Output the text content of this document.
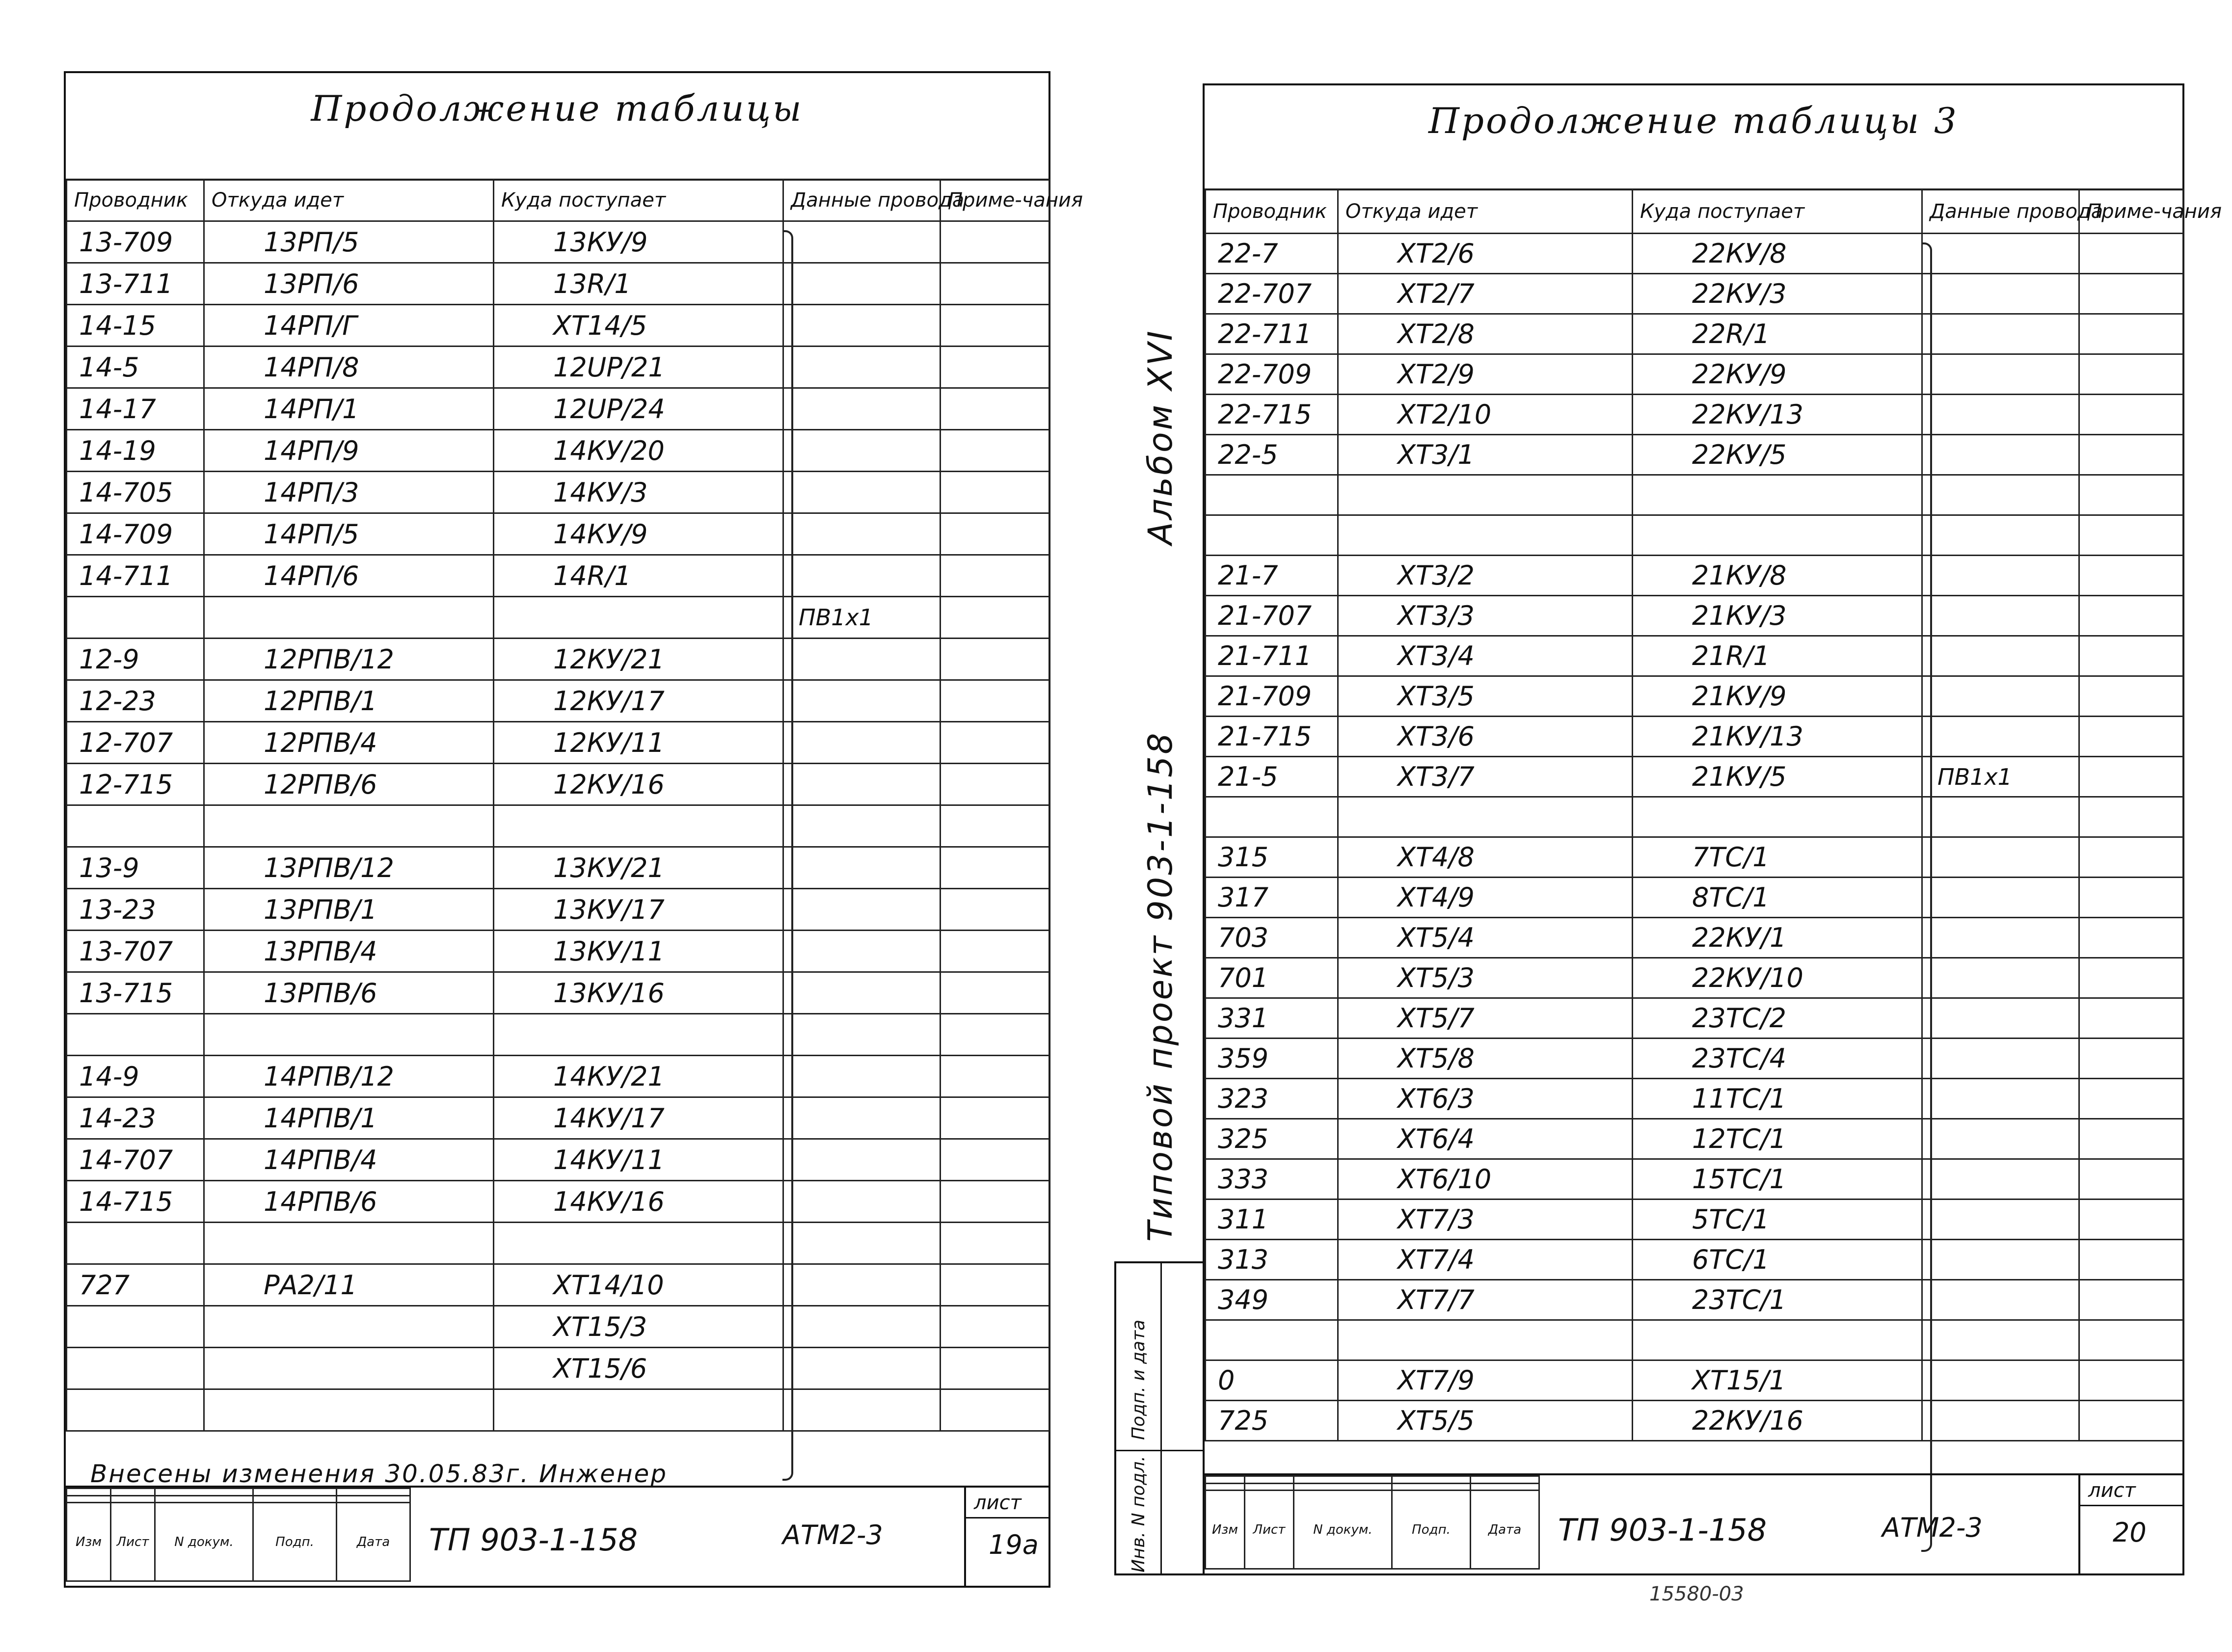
Продолжение таблицы
Проводник	Откуда идет	Куда поступает	Данные провода	Приме-чания
13-709	13РП/5	13КУ/9		
13-711	13РП/6	13R/1		
14-15	14РП/Г	ХТ14/5		
14-5	14РП/8	12UP/21		
14-17	14РП/1	12UP/24		
14-19	14РП/9	14КУ/20		
14-705	14РП/3	14КУ/3		
14-709	14РП/5	14КУ/9		
14-711	14РП/6	14R/1		
			ПВ1х1	
12-9	12РПВ/12	12КУ/21		
12-23	12РПВ/1	12КУ/17		
12-707	12РПВ/4	12КУ/11		
12-715	12РПВ/6	12КУ/16		

13-9	13РПВ/12	13КУ/21		
13-23	13РПВ/1	13КУ/17		
13-707	13РПВ/4	13КУ/11		
13-715	13РПВ/6	13КУ/16		

14-9	14РПВ/12	14КУ/21		
14-23	14РПВ/1	14КУ/17		
14-707	14РПВ/4	14КУ/11		
14-715	14РПВ/6	14КУ/16		

727	РА2/11	ХТ14/10		
		ХТ15/3		
		ХТ15/6		

Внесены изменения 30.05.83г. Инженер

Изм	Лист	N докум.	Подп.	Дата ТП 903-1-158	АТМ2-3
лист
19а
Альбом XVI
Типовой проект 903-1-158
Подп. и дата
Инв. N подл.
Продолжение таблицы 3
Проводник	Откуда идет	Куда поступает	Данные провода	Приме-чания
22-7	ХТ2/6	22КУ/8		
22-707	ХТ2/7	22КУ/3		
22-711	ХТ2/8	22R/1		
22-709	ХТ2/9	22КУ/9		
22-715	ХТ2/10	22КУ/13		
22-5	ХТ3/1	22КУ/5		

21-7	ХТ3/2	21КУ/8		
21-707	ХТ3/3	21КУ/3		
21-711	ХТ3/4	21R/1		
21-709	ХТ3/5	21КУ/9		
21-715	ХТ3/6	21КУ/13		
21-5	ХТ3/7	21КУ/5	ПВ1х1	

315	ХТ4/8	7ТС/1		
317	ХТ4/9	8ТС/1		
703	ХТ5/4	22КУ/1		
701	ХТ5/3	22КУ/10		
331	ХТ5/7	23ТС/2		
359	ХТ5/8	23ТС/4		
323	ХТ6/3	11ТС/1		
325	ХТ6/4	12ТС/1		
333	ХТ6/10	15ТС/1		
311	ХТ7/3	5ТС/1		
313	ХТ7/4	6ТС/1		
349	ХТ7/7	23ТС/1		

0	ХТ7/9	ХТ15/1		
725	ХТ5/5	22КУ/16		

Изм	Лист	N докум.	Подп.	Дата ТП 903-1-158	АТМ2-3
лист
20
15580-03
